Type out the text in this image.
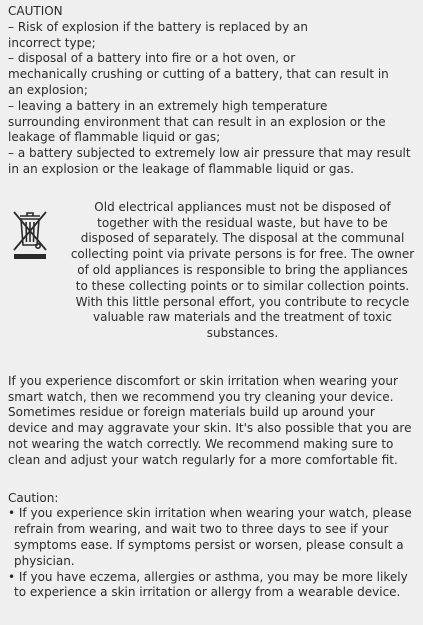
CAUTION
– Risk of explosion if the battery is replaced by an
incorrect type;
– disposal of a battery into fire or a hot oven, or
mechanically crushing or cutting of a battery, that can result in
an explosion;
– leaving a battery in an extremely high temperature
surrounding environment that can result in an explosion or the
leakage of flammable liquid or gas;
– a battery subjected to extremely low air pressure that may result
in an explosion or the leakage of flammable liquid or gas.
Old electrical appliances must not be disposed of
together with the residual waste, but have to be
disposed of separately. The disposal at the communal
collecting point via private persons is for free. The owner
of old appliances is responsible to bring the appliances
to these collecting points or to similar collection points.
With this little personal effort, you contribute to recycle
valuable raw materials and the treatment of toxic
substances.
If you experience discomfort or skin irritation when wearing your
smart watch, then we recommend you try cleaning your device.
Sometimes residue or foreign materials build up around your
device and may aggravate your skin. It's also possible that you are
not wearing the watch correctly. We recommend making sure to
clean and adjust your watch regularly for a more comfortable fit.
Caution:
• If you experience skin irritation when wearing your watch, please
refrain from wearing, and wait two to three days to see if your
symptoms ease. If symptoms persist or worsen, please consult a
physician.
• If you have eczema, allergies or asthma, you may be more likely
to experience a skin irritation or allergy from a wearable device.
